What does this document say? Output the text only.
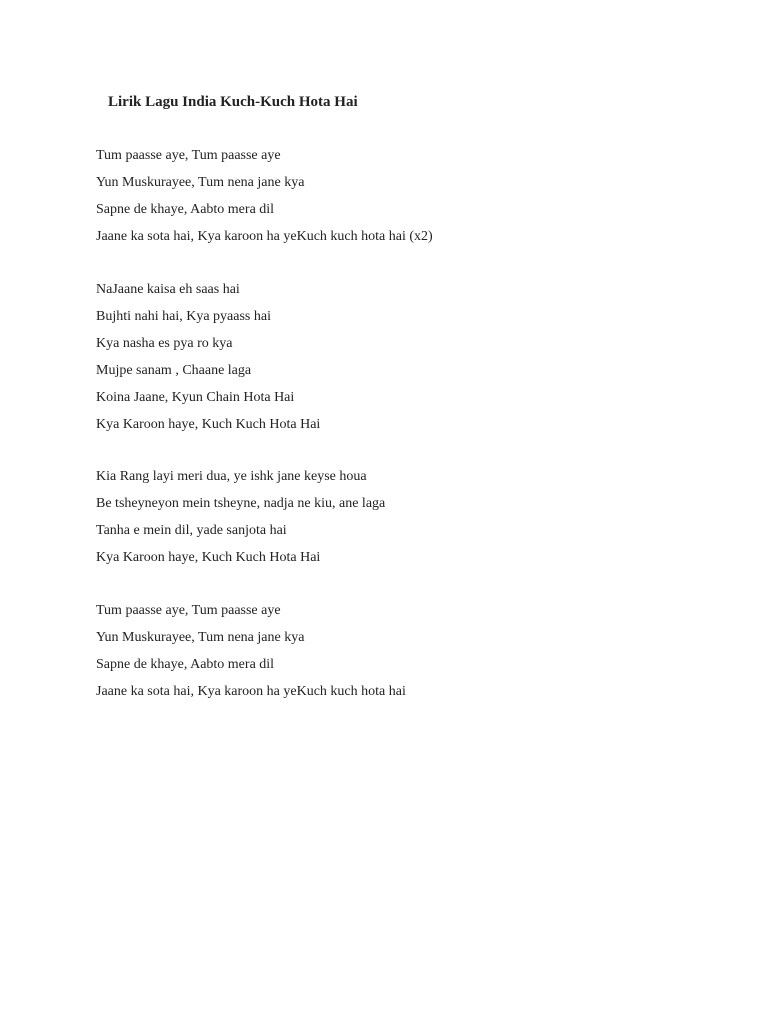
Lirik Lagu India Kuch-Kuch Hota Hai
Tum paasse aye, Tum paasse aye
Yun Muskurayee, Tum nena jane kya
Sapne de khaye, Aabto mera dil
Jaane ka sota hai, Kya karoon ha yeKuch kuch hota hai (x2)
NaJaane kaisa eh saas hai
Bujhti nahi hai, Kya pyaass hai
Kya nasha es pya ro kya
Mujpe sanam , Chaane laga
Koina Jaane, Kyun Chain Hota Hai
Kya Karoon haye, Kuch Kuch Hota Hai
Kia Rang layi meri dua, ye ishk jane keyse houa
Be tsheyneyon mein tsheyne, nadja ne kiu, ane laga
Tanha e mein dil, yade sanjota hai
Kya Karoon haye, Kuch Kuch Hota Hai
Tum paasse aye, Tum paasse aye
Yun Muskurayee, Tum nena jane kya
Sapne de khaye, Aabto mera dil
Jaane ka sota hai, Kya karoon ha yeKuch kuch hota hai
